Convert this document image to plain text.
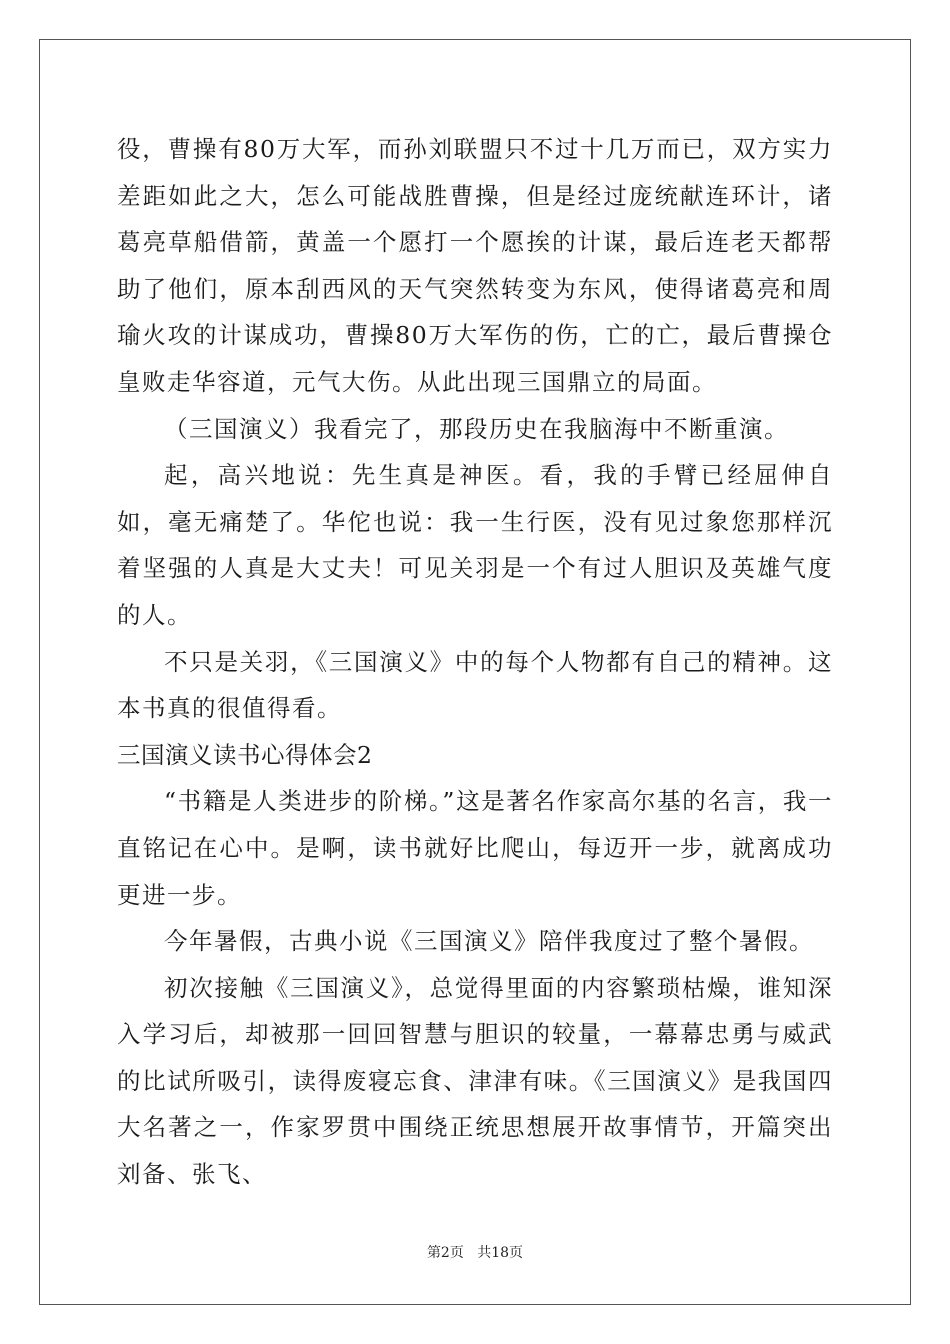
役，曹操有80万大军，而孙刘联盟只不过十几万而已，双方实力差距如此之大，怎么可能战胜曹操，但是经过庞统献连环计，诸葛亮草船借箭，黄盖一个愿打一个愿挨的计谋，最后连老天都帮助了他们，原本刮西风的天气突然转变为东风，使得诸葛亮和周瑜火攻的计谋成功，曹操80万大军伤的伤，亡的亡，最后曹操仓皇败走华容道，元气大伤。从此出现三国鼎立的局面。

（三国演义）我看完了，那段历史在我脑海中不断重演。

起，高兴地说：先生真是神医。看，我的手臂已经屈伸自如，毫无痛楚了。华佗也说：我一生行医，没有见过象您那样沉着坚强的人真是大丈夫！可见关羽是一个有过人胆识及英雄气度的人。

不只是关羽，《三国演义》中的每个人物都有自己的精神。这本书真的很值得看。

三国演义读书心得体会2

“书籍是人类进步的阶梯。”这是著名作家高尔基的名言，我一直铭记在心中。是啊，读书就好比爬山，每迈开一步，就离成功更进一步。

今年暑假，古典小说《三国演义》陪伴我度过了整个暑假。

初次接触《三国演义》，总觉得里面的内容繁琐枯燥，谁知深入学习后，却被那一回回智慧与胆识的较量，一幕幕忠勇与威武的比试所吸引，读得废寝忘食、津津有味。《三国演义》是我国四大名著之一，作家罗贯中围绕正统思想展开故事情节，开篇突出刘备、张飞、

第2页 共18页
